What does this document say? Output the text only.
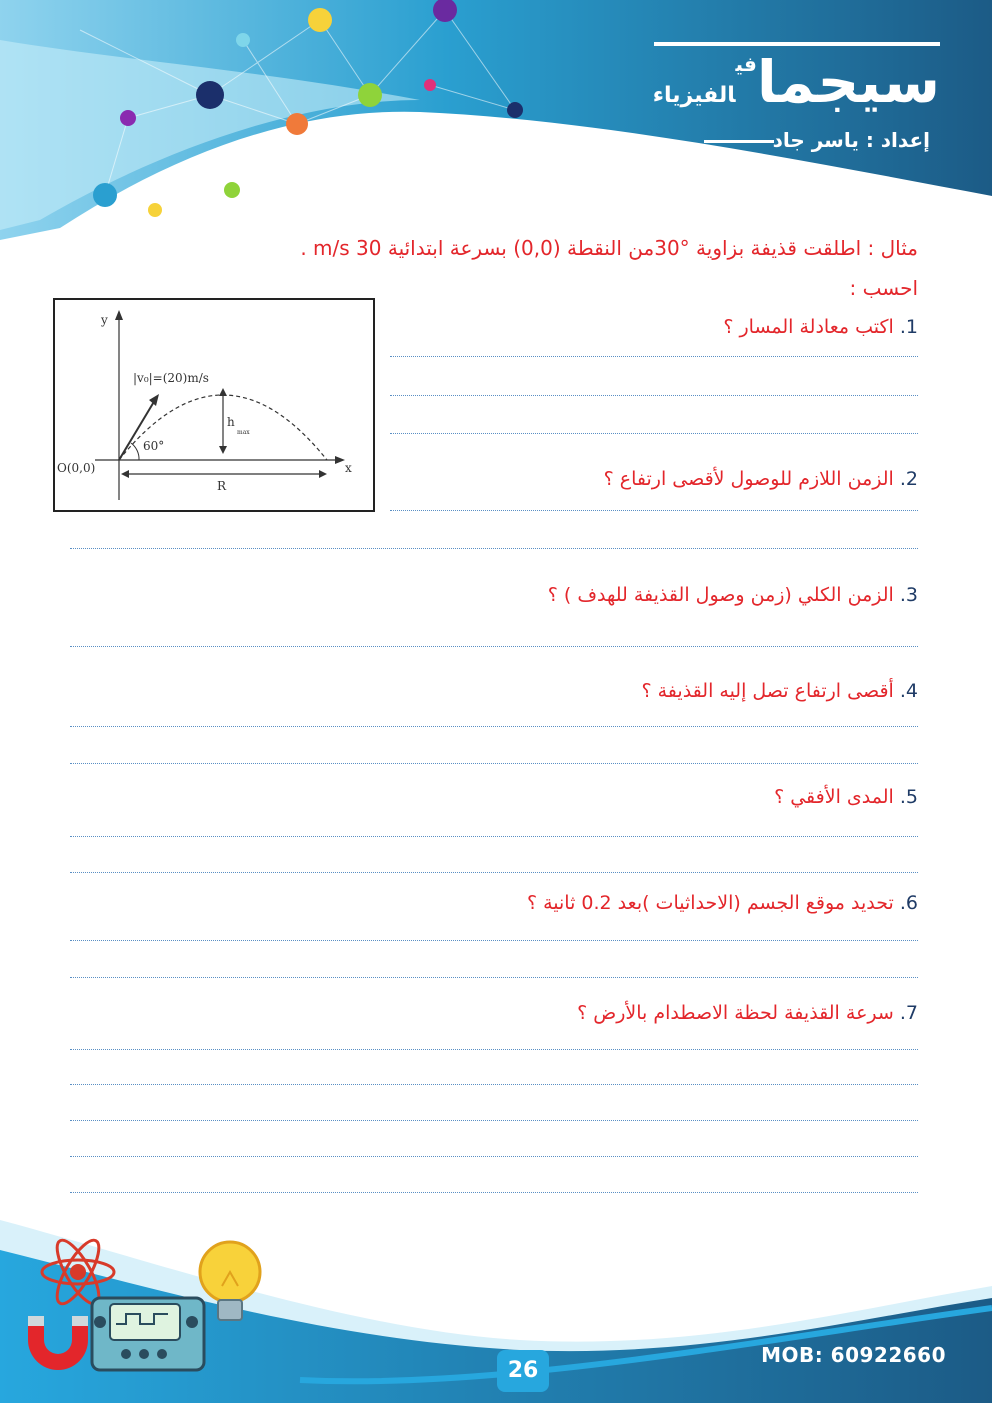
سيجمافيالفيزياء
إعداد : ياسر جاد
مثال : اطلقت قذيفة بزاوية °30من النقطة (0,0) بسرعة ابتدائية 30 m/s .
احسب :
y
x
|v₀|=(20)m/s
60°
h
max
O(0,0)
R
1. اكتب معادلة المسار ؟
2. الزمن اللازم للوصول لأقصى ارتفاع ؟
3. الزمن الكلي (زمن وصول القذيفة للهدف ) ؟
4. أقصى ارتفاع تصل إليه القذيفة ؟
5. المدى الأفقي ؟
6. تحديد موقع الجسم (الاحداثيات )بعد 0.2 ثانية ؟
7. سرعة القذيفة لحظة الاصطدام بالأرض ؟
MOB: 60922660
26
